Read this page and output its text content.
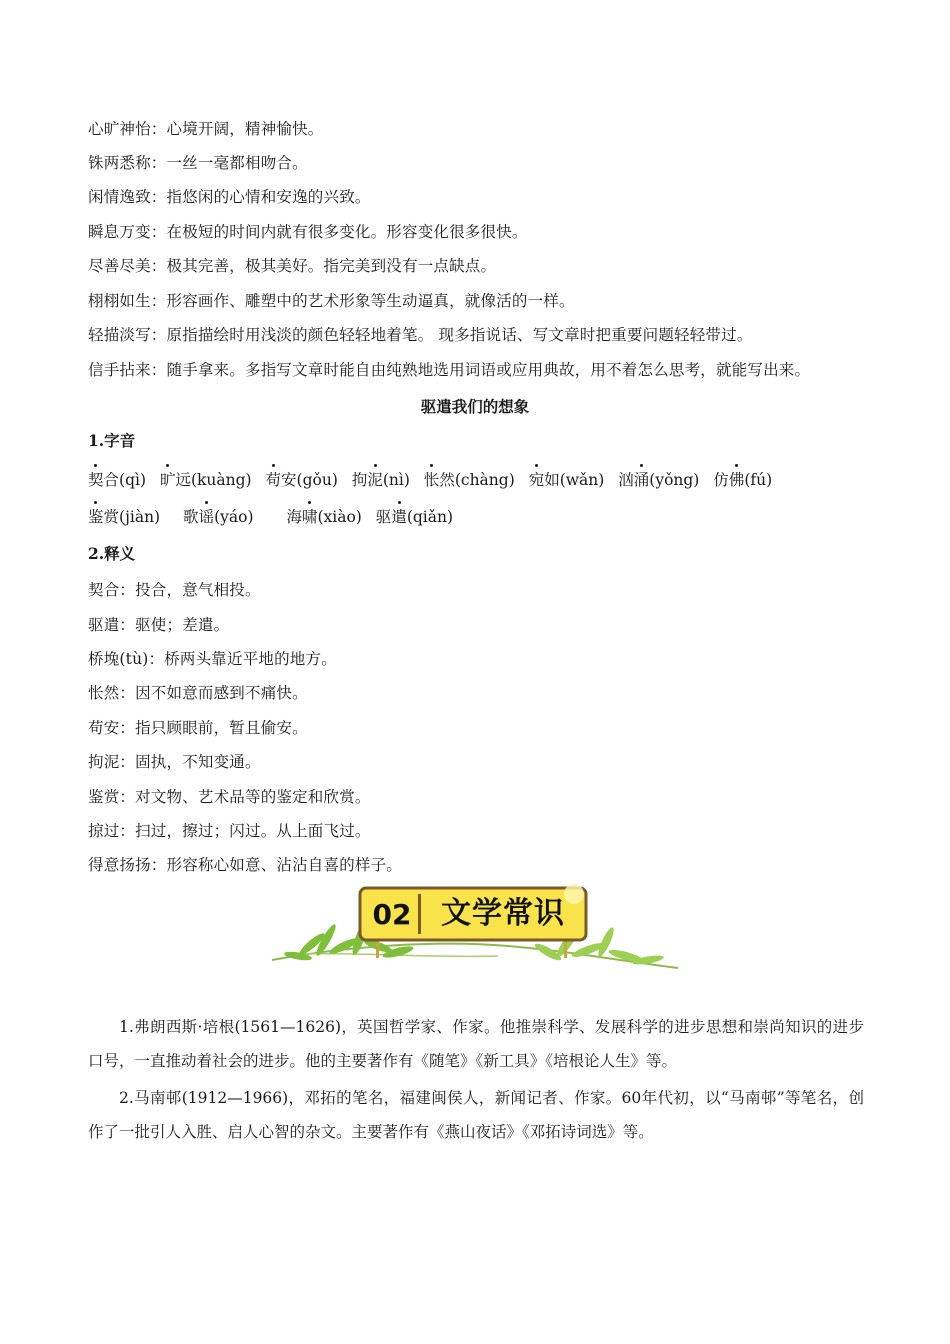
心旷神怡：心境开阔，精神愉快。
铢两悉称：一丝一毫都相吻合。
闲情逸致：指悠闲的心情和安逸的兴致。
瞬息万变：在极短的时间内就有很多变化。形容变化很多很快。
尽善尽美：极其完善，极其美好。指完美到没有一点缺点。
栩栩如生：形容画作、雕塑中的艺术形象等生动逼真，就像活的一样。
轻描淡写：原指描绘时用浅淡的颜色轻轻地着笔。 现多指说话、写文章时把重要问题轻轻带过。
信手拈来：随手拿来。多指写文章时能自由纯熟地选用词语或应用典故，用不着怎么思考，就能写出来。
驱遣我们的想象
1.字音
契合(qì) 旷远(kuàng) 苟安(gǒu) 拘泥(nì) 怅然(chàng) 宛如(wǎn) 汹涌(yǒng) 仿佛(fú)
鉴赏(jiàn) 歌谣(yáo) 海啸(xiào) 驱遣(qiǎn)
2.释义
契合：投合，意气相投。
驱遣：驱使；差遣。
桥堍(tù)：桥两头靠近平地的地方。
怅然：因不如意而感到不痛快。
苟安：指只顾眼前，暂且偷安。
拘泥：固执，不知变通。
鉴赏：对文物、艺术品等的鉴定和欣赏。
掠过：扫过，擦过；闪过。从上面飞过。
得意扬扬：形容称心如意、沾沾自喜的样子。
02 文学常识
1.弗朗西斯·培根(1561—1626)，英国哲学家、作家。他推崇科学、发展科学的进步思想和崇尚知识的进步口号，一直推动着社会的进步。他的主要著作有《随笔》《新工具》《培根论人生》等。
2.马南邨(1912—1966)，邓拓的笔名，福建闽侯人，新闻记者、作家。60年代初，以“马南邨”等笔名，创作了一批引人入胜、启人心智的杂文。主要著作有《燕山夜话》《邓拓诗词选》等。
